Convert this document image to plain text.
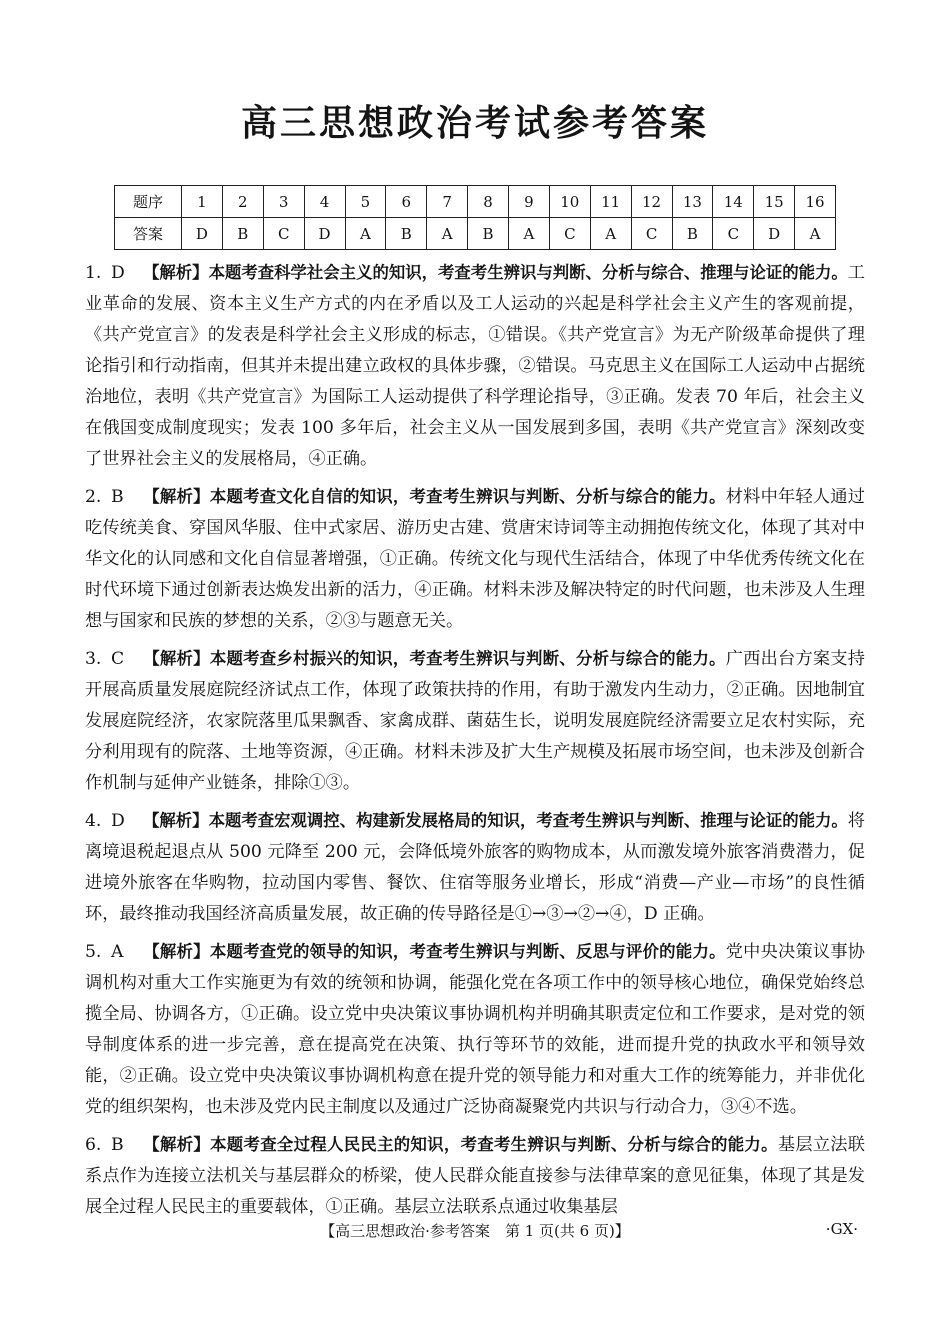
高三思想政治考试参考答案
题序	1	2	3	4	5	6	7	8	9	10	11	12	13	14	15	16
答案	D	B	C	D	A	B	A	B	A	C	A	C	B	C	D	A
1. D 【解析】本题考查科学社会主义的知识，考查考生辨识与判断、分析与综合、推理与论证的能力。工业革命的发展、资本主义生产方式的内在矛盾以及工人运动的兴起是科学社会主义产生的客观前提，《共产党宣言》的发表是科学社会主义形成的标志，①错误。《共产党宣言》为无产阶级革命提供了理论指引和行动指南，但其并未提出建立政权的具体步骤，②错误。马克思主义在国际工人运动中占据统治地位，表明《共产党宣言》为国际工人运动提供了科学理论指导，③正确。发表 70 年后，社会主义在俄国变成制度现实；发表 100 多年后，社会主义从一国发展到多国，表明《共产党宣言》深刻改变了世界社会主义的发展格局，④正确。
2. B 【解析】本题考查文化自信的知识，考查考生辨识与判断、分析与综合的能力。材料中年轻人通过吃传统美食、穿国风华服、住中式家居、游历史古建、赏唐宋诗词等主动拥抱传统文化，体现了其对中华文化的认同感和文化自信显著增强，①正确。传统文化与现代生活结合，体现了中华优秀传统文化在时代环境下通过创新表达焕发出新的活力，④正确。材料未涉及解决特定的时代问题，也未涉及人生理想与国家和民族的梦想的关系，②③与题意无关。
3. C 【解析】本题考查乡村振兴的知识，考查考生辨识与判断、分析与综合的能力。广西出台方案支持开展高质量发展庭院经济试点工作，体现了政策扶持的作用，有助于激发内生动力，②正确。因地制宜发展庭院经济，农家院落里瓜果飘香、家禽成群、菌菇生长，说明发展庭院经济需要立足农村实际，充分利用现有的院落、土地等资源，④正确。材料未涉及扩大生产规模及拓展市场空间，也未涉及创新合作机制与延伸产业链条，排除①③。
4. D 【解析】本题考查宏观调控、构建新发展格局的知识，考查考生辨识与判断、推理与论证的能力。将离境退税起退点从 500 元降至 200 元，会降低境外旅客的购物成本，从而激发境外旅客消费潜力，促进境外旅客在华购物，拉动国内零售、餐饮、住宿等服务业增长，形成“消费—产业—市场”的良性循环，最终推动我国经济高质量发展，故正确的传导路径是①→③→②→④，D 正确。
5. A 【解析】本题考查党的领导的知识，考查考生辨识与判断、反思与评价的能力。党中央决策议事协调机构对重大工作实施更为有效的统领和协调，能强化党在各项工作中的领导核心地位，确保党始终总揽全局、协调各方，①正确。设立党中央决策议事协调机构并明确其职责定位和工作要求，是对党的领导制度体系的进一步完善，意在提高党在决策、执行等环节的效能，进而提升党的执政水平和领导效能，②正确。设立党中央决策议事协调机构意在提升党的领导能力和对重大工作的统筹能力，并非优化党的组织架构，也未涉及党内民主制度以及通过广泛协商凝聚党内共识与行动合力，③④不选。
6. B 【解析】本题考查全过程人民民主的知识，考查考生辨识与判断、分析与综合的能力。基层立法联系点作为连接立法机关与基层群众的桥梁，使人民群众能直接参与法律草案的意见征集，体现了其是发展全过程人民民主的重要载体，①正确。基层立法联系点通过收集基层
【高三思想政治·参考答案　第 1 页(共 6 页)】	·GX·
